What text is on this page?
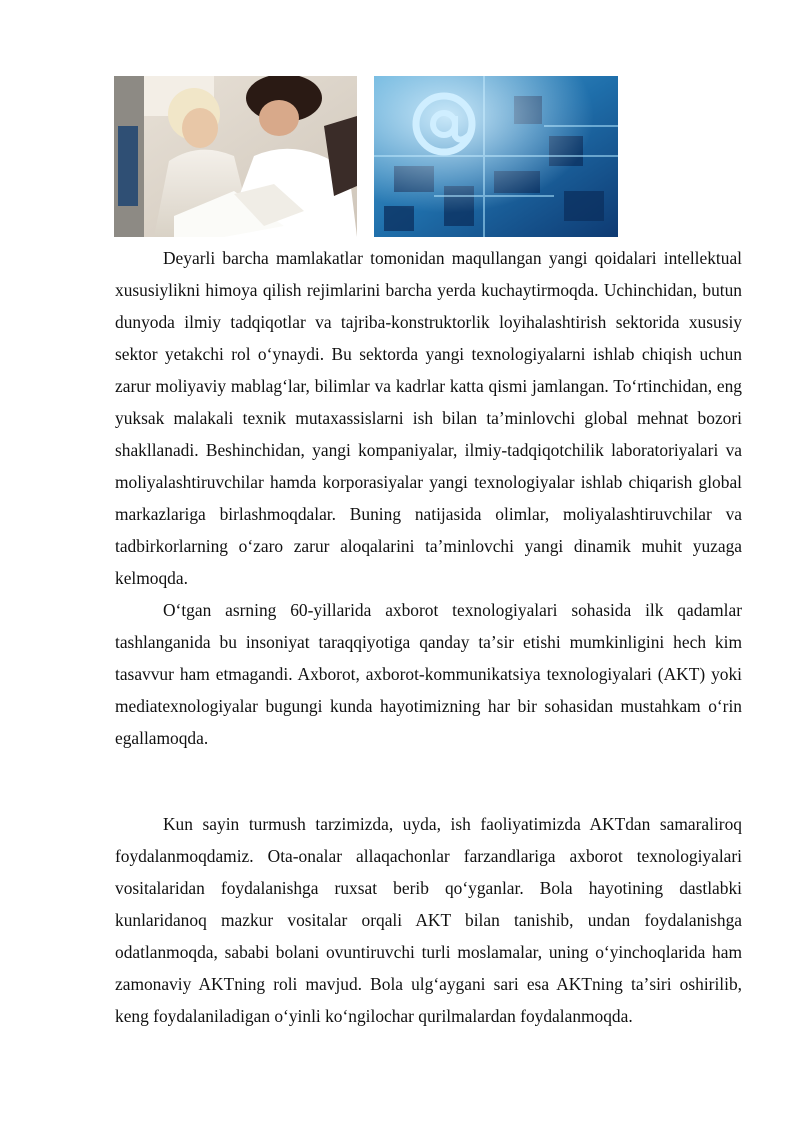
Deyarli barcha mamlakatlar tomonidan maqullangan yangi qoidalari intellektual xususiylikni himoya qilish rejimlarini barcha yerda kuchaytirmoqda. Uchinchidan, butun dunyoda ilmiy tadqiqotlar va tajriba-konstruktorlik loyihalashtirish sektorida xususiy sektor yetakchi rol oʻynaydi. Bu sektorda yangi texnologiyalarni ishlab chiqish uchun zarur moliyaviy mablagʻlar, bilimlar va kadrlar katta qismi jamlangan. Toʻrtinchidan, eng yuksak malakali texnik mutaxassislarni ish bilan taʼminlovchi global mehnat bozori shakllanadi. Beshinchidan, yangi kompaniyalar, ilmiy-tadqiqotchilik laboratoriyalari va moliyalashtiruvchilar hamda korporasiyalar yangi texnologiyalar ishlab chiqarish global markazlariga birlashmoqdalar. Buning natijasida olimlar, moliyalashtiruvchilar va tadbirkorlarning oʻzaro zarur aloqalarini taʼminlovchi yangi dinamik muhit yuzaga kelmoqda.

Oʻtgan asrning 60-yillarida axborot texnologiyalari sohasida ilk qadamlar tashlanganida bu insoniyat taraqqiyotiga qanday taʼsir etishi mumkinligini hech kim tasavvur ham etmagandi. Axborot, axborot-kommunikatsiya texnologiyalari (AKT) yoki mediatexnologiyalar bugungi kunda hayotimizning har bir sohasidan mustahkam oʻrin egallamoqda.

Kun sayin turmush tarzimizda, uyda, ish faoliyatimizda AKTdan samaraliroq foydalanmoqdamiz. Ota-onalar allaqachonlar farzandlariga axborot texnologiyalari vositalaridan foydalanishga ruxsat berib qoʻyganlar. Bola hayotining dastlabki kunlaridanoq mazkur vositalar orqali AKT bilan tanishib, undan foydalanishga odatlanmoqda, sababi bolani ovuntiruvchi turli moslamalar, uning oʻyinchoqlarida ham zamonaviy AKTning roli mavjud. Bola ulgʻaygani sari esa AKTning taʼsiri oshirilib, keng foydalaniladigan oʻyinli koʻngilochar qurilmalardan foydalanmoqda.
